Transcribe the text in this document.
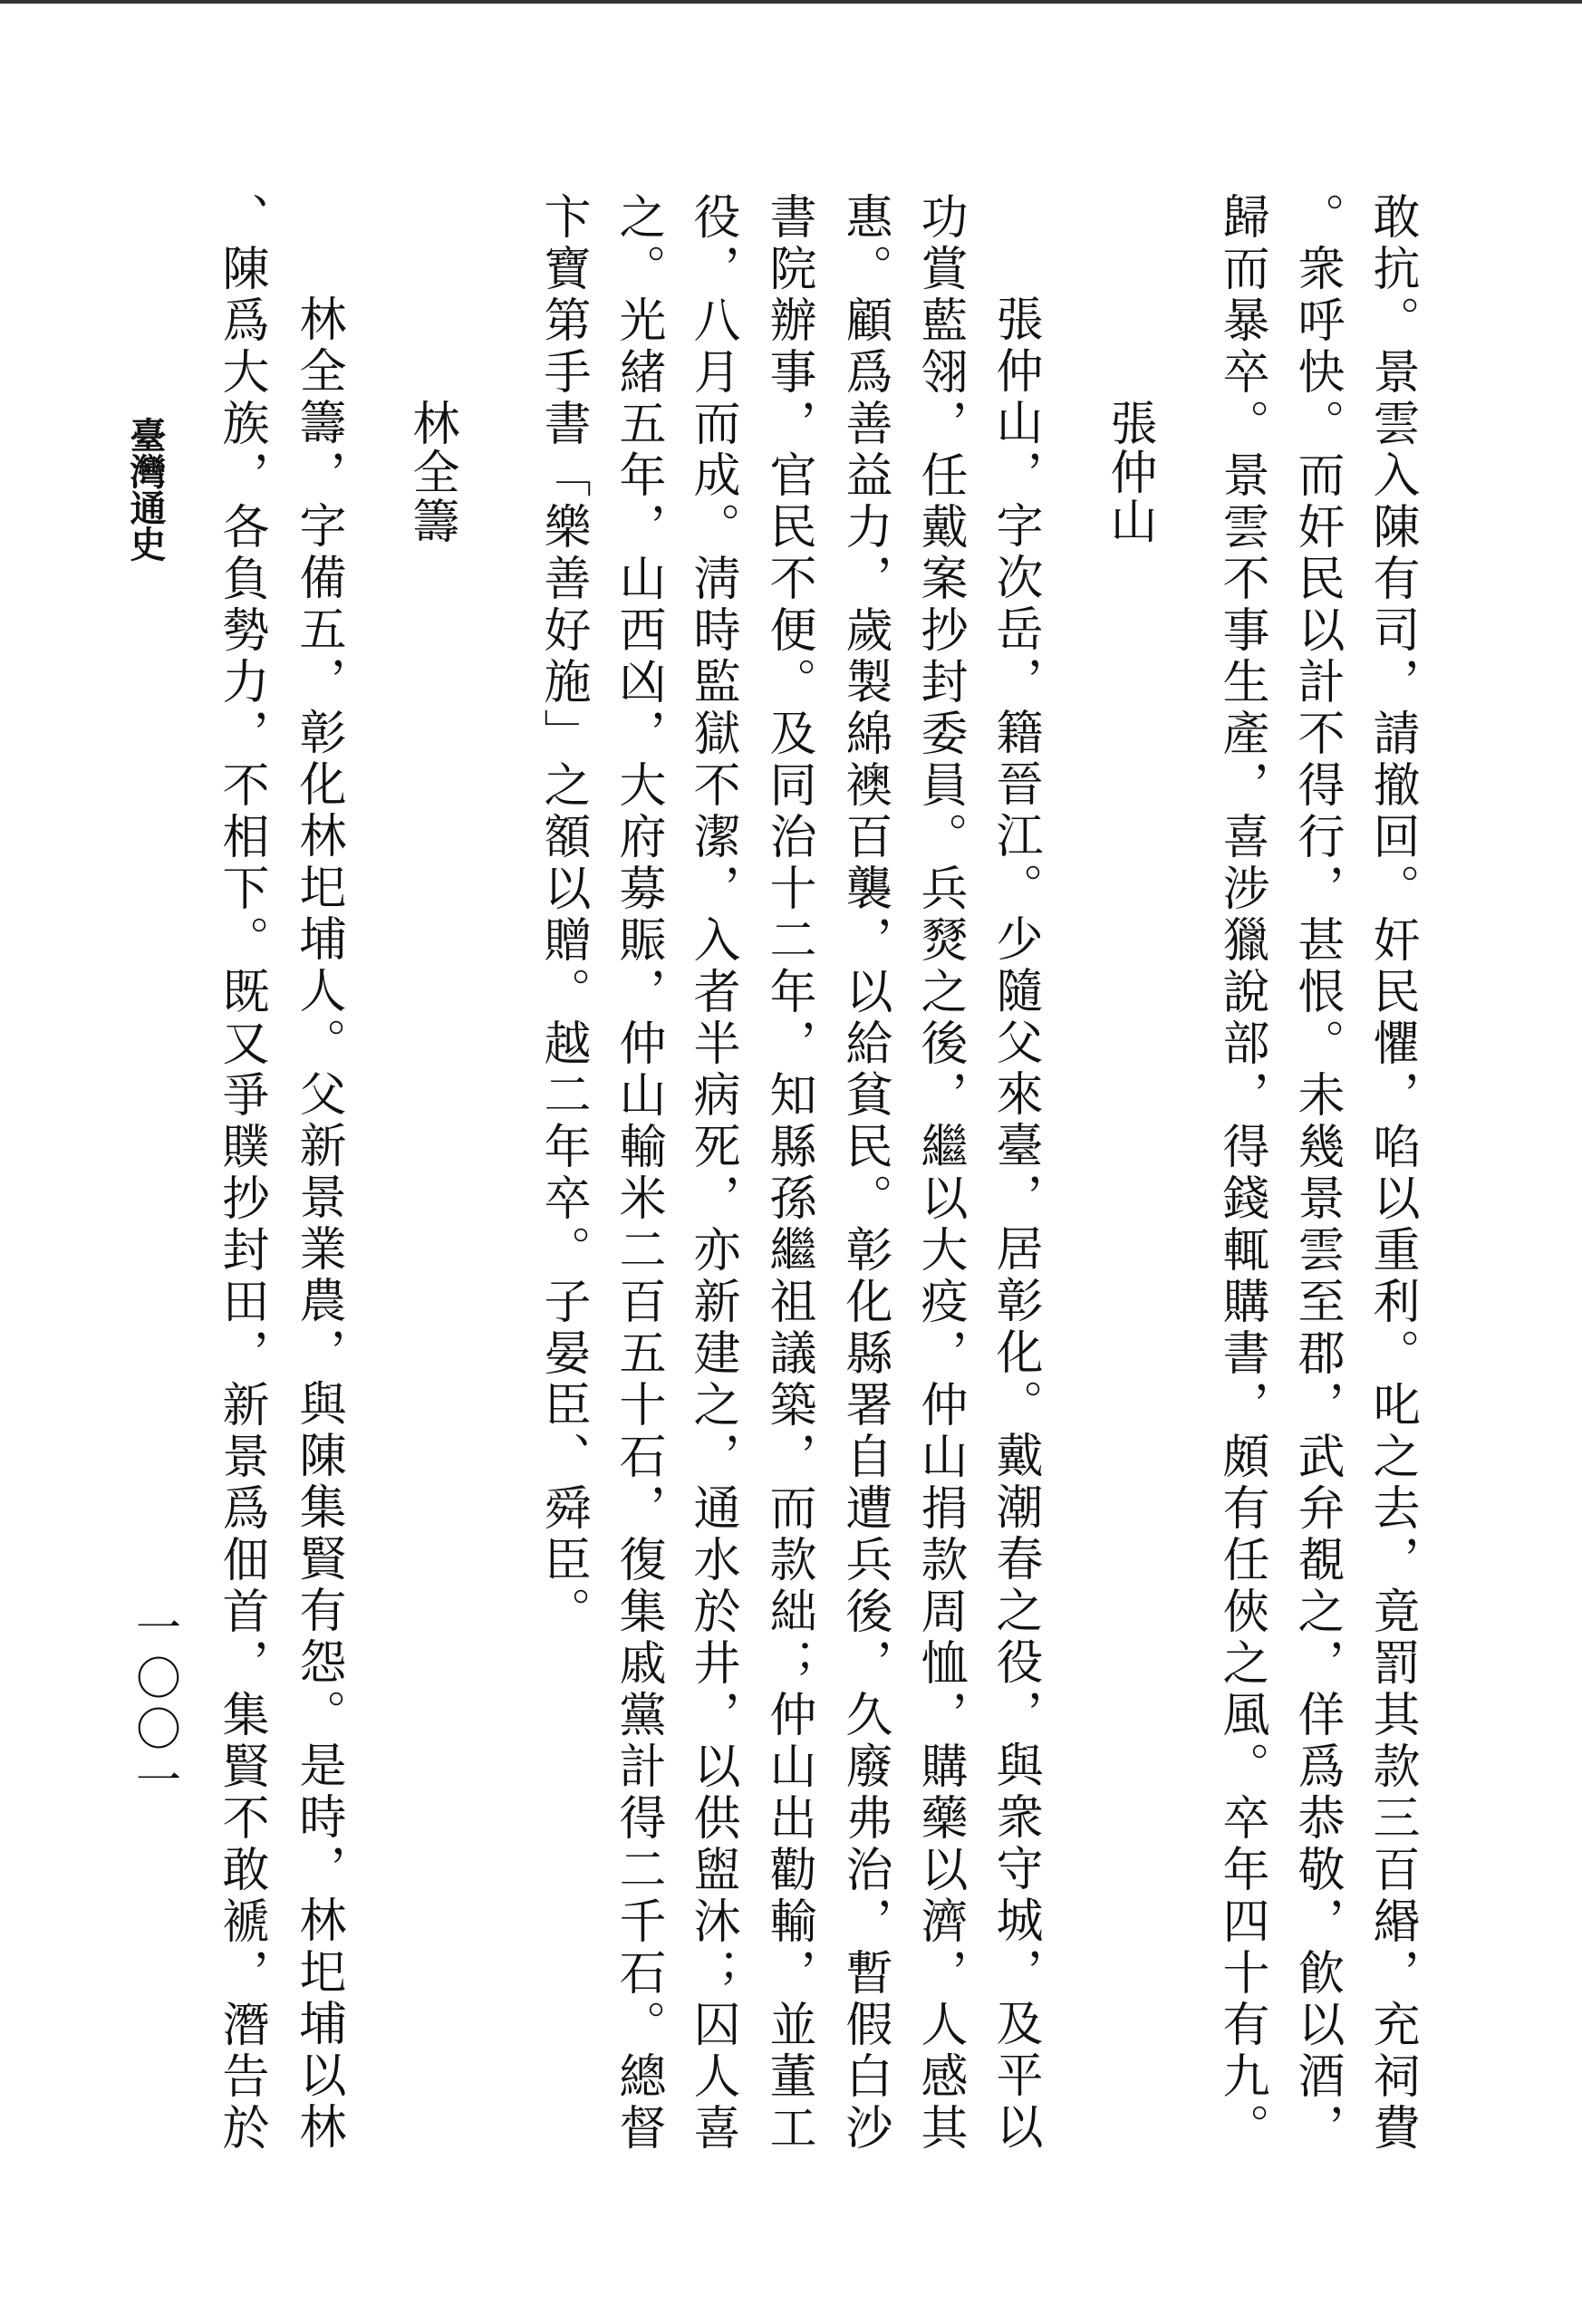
敢抗。景雲入陳有司，請撤回。奸民懼，啗以重利。叱之去，竟罰其款三百緡，充祠費
。衆呼快。而奸民以計不得行，甚恨。未幾景雲至郡，武弁覩之，佯爲恭敬，飮以酒，
歸而暴卒。景雲不事生產，喜涉獵說部，得錢輒購書，頗有任俠之風。卒年四十有九。
張仲山
張仲山，字次岳，籍晉江。少隨父來臺，居彰化。戴潮春之役，與衆守城，及平以
功賞藍翎，任戴案抄封委員。兵燹之後，繼以大疫，仲山捐款周恤，購藥以濟，人感其
惠。顧爲善益力，歲製綿襖百襲，以給貧民。彰化縣署自遭兵後，久廢弗治，暫假白沙
書院辦事，官民不便。及同治十二年，知縣孫繼祖議築，而款絀；仲山出勸輸，並董工
役，八月而成。淸時監獄不潔，入者半病死，亦新建之，通水於井，以供盥沐；囚人喜
之。光緒五年，山西凶，大府募賑，仲山輸米二百五十石，復集戚黨計得二千石。總督
卞寶第手書「樂善好施」之額以贈。越二年卒。子晏臣、舜臣。
林全籌
林全籌，字備五，彰化林圯埔人。父新景業農，與陳集賢有怨。是時，林圯埔以林
、陳爲大族，各負勢力，不相下。既又爭贌抄封田，新景爲佃首，集賢不敢褫，潛告於
臺灣通史
一〇〇一
